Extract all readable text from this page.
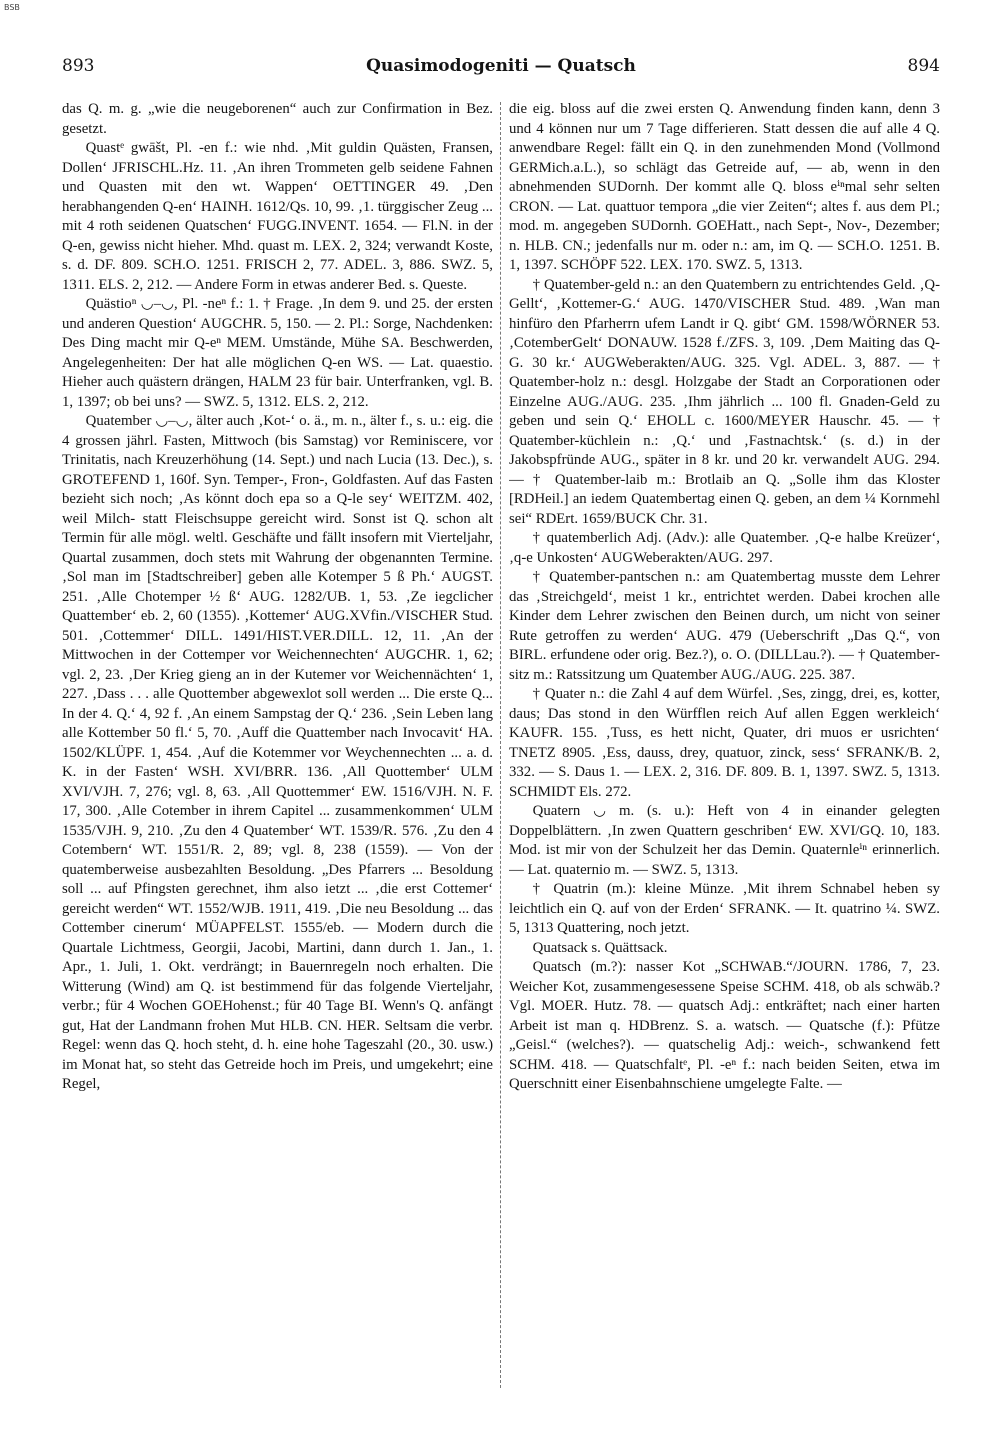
BSB
893	Quasimodogeniti — Quatsch	894

das Q. m. g. „wie die neugeborenen“ auch zur Confirmation in Bez. gesetzt.

Quastᵉ gwāšt, Pl. -en f.: wie nhd. ‚Mit guldin Quästen, Fransen, Dollen‘ JFRISCHL.Hz. 11. ‚An ihren Trommeten gelb seidene Fahnen und Quasten mit den wt. Wappen‘ OETTINGER 49. ‚Den herabhangenden Q-en‘ HAINH. 1612/Qs. 10, 99. ‚1. türggischer Zeug ... mit 4 roth seidenen Quatschen‘ FUGG.INVENT. 1654. — Fl.N. in der Q-en, gewiss nicht hieher. Mhd. quast m. LEX. 2, 324; verwandt Koste, s. d. DF. 809. SCH.O. 1251. FRISCH 2, 77. ADEL. 3, 886. SWZ. 5, 1311. ELS. 2, 212. — Andere Form in etwas anderer Bed. s. Queste.

Quästioⁿ ◡–◡, Pl. -neⁿ f.: 1. † Frage. ‚In dem 9. und 25. der ersten und anderen Question‘ AUGCHR. 5, 150. — 2. Pl.: Sorge, Nachdenken: Des Ding macht mir Q-eⁿ MEM. Umstände, Mühe SA. Beschwerden, Angelegenheiten: Der hat alle möglichen Q-en WS. — Lat. quaestio. Hieher auch quästern drängen, HALM 23 für bair. Unterfranken, vgl. B. 1, 1397; ob bei uns? — SWZ. 5, 1312. ELS. 2, 212.

Quatember ◡–◡, älter auch ‚Kot-‘ o. ä., m. n., älter f., s. u.: eig. die 4 grossen jährl. Fasten, Mittwoch (bis Samstag) vor Reminiscere, vor Trinitatis, nach Kreuzerhöhung (14. Sept.) und nach Lucia (13. Dec.), s. GROTEFEND 1, 160f. Syn. Temper-, Fron-, Goldfasten. Auf das Fasten bezieht sich noch; ‚As könnt doch epa so a Q-le sey‘ WEITZM. 402, weil Milch- statt Fleischsuppe gereicht wird. Sonst ist Q. schon alt Termin für alle mögl. weltl. Geschäfte und fällt insofern mit Vierteljahr, Quartal zusammen, doch stets mit Wahrung der obgenannten Termine. ‚Sol man im [Stadtschreiber] geben alle Kotemper 5 ß Ph.‘ AUGST. 251. ‚Alle Chotemper ½ ß‘ AUG. 1282/UB. 1, 53. ‚Ze iegclicher Quattember‘ eb. 2, 60 (1355). ‚Kottemer‘ AUG.XVfin./VISCHER Stud. 501. ‚Cottemmer‘ DILL. 1491/HIST.VER.DILL. 12, 11. ‚An der Mittwochen in der Cottemper vor Weichennechten‘ AUGCHR. 1, 62; vgl. 2, 23. ‚Der Krieg gieng an in der Kutemer vor Weichennächten‘ 1, 227. ‚Dass . . . alle Quottember abgewexlot soll werden ... Die erste Q... In der 4. Q.‘ 4, 92 f. ‚An einem Sampstag der Q.‘ 236. ‚Sein Leben lang alle Kottember 50 fl.‘ 5, 70. ‚Auff die Quattember nach Invocavit‘ HA. 1502/KLÜPF. 1, 454. ‚Auf die Kotemmer vor Weychennechten ... a. d. K. in der Fasten‘ WSH. XVI/BRR. 136. ‚All Quottember‘ ULM XVI/VJH. 7, 276; vgl. 8, 63. ‚All Quottemmer‘ EW. 1516/VJH. N. F. 17, 300. ‚Alle Cotember in ihrem Capitel ... zusammenkommen‘ ULM 1535/VJH. 9, 210. ‚Zu den 4 Quatember‘ WT. 1539/R. 576. ‚Zu den 4 Cotembern‘ WT. 1551/R. 2, 89; vgl. 8, 238 (1559). — Von der quatemberweise ausbezahlten Besoldung. „Des Pfarrers ... Besoldung soll ... auf Pfingsten gerechnet, ihm also ietzt ... ‚die erst Cottemer‘ gereicht werden“ WT. 1552/WJB. 1911, 419. ‚Die neu Besoldung ... das Cottember cinerum‘ MÜAPFELST. 1555/eb. — Modern durch die Quartale Lichtmess, Georgii, Jacobi, Martini, dann durch 1. Jan., 1. Apr., 1. Juli, 1. Okt. verdrängt; in Bauernregeln noch erhalten. Die Witterung (Wind) am Q. ist bestimmend für das folgende Vierteljahr, verbr.; für 4 Wochen GOEHohenst.; für 40 Tage BI. Wenn's Q. anfängt gut, Hat der Landmann frohen Mut HLB. CN. HER. Seltsam die verbr. Regel: wenn das Q. hoch steht, d. h. eine hohe Tageszahl (20., 30. usw.) im Monat hat, so steht das Getreide hoch im Preis, und umgekehrt; eine Regel,

die eig. bloss auf die zwei ersten Q. Anwendung finden kann, denn 3 und 4 können nur um 7 Tage differieren. Statt dessen die auf alle 4 Q. anwendbare Regel: fällt ein Q. in den zunehmenden Mond (Vollmond GERMich.a.L.), so schlägt das Getreide auf, — ab, wenn in den abnehmenden SUDornh. Der kommt alle Q. bloss eⁱⁿmal sehr selten CRON. — Lat. quattuor tempora „die vier Zeiten“; altes f. aus dem Pl.; mod. m. angegeben SUDornh. GOEHatt., nach Sept-, Nov-, Dezember; n. HLB. CN.; jedenfalls nur m. oder n.: am, im Q. — SCH.O. 1251. B. 1, 1397. SCHÖPF 522. LEX. 170. SWZ. 5, 1313.

† Quatember-geld n.: an den Quatembern zu entrichtendes Geld. ‚Q-Gellt‘, ‚Kottemer-G.‘ AUG. 1470/VISCHER Stud. 489. ‚Wan man hinfüro den Pfarherrn ufem Landt ir Q. gibt‘ GM. 1598/WÖRNER 53. ‚CotemberGelt‘ DONAUW. 1528 f./ZFS. 3, 109. ‚Dem Maiting das Q-G. 30 kr.‘ AUGWeberakten/AUG. 325. Vgl. ADEL. 3, 887. — † Quatember-holz n.: desgl. Holzgabe der Stadt an Corporationen oder Einzelne AUG./AUG. 235. ‚Ihm jährlich ... 100 fl. Gnaden-Geld zu geben und sein Q.‘ EHOLL c. 1600/MEYER Hauschr. 45. — † Quatember-küchlein n.: ‚Q.‘ und ‚Fastnachtsk.‘ (s. d.) in der Jakobspfründe AUG., später in 8 kr. und 20 kr. verwandelt AUG. 294. — † Quatember-laib m.: Brotlaib an Q. „Solle ihm das Kloster [RDHeil.] an iedem Quatembertag einen Q. geben, an dem ¼ Kornmehl sei“ RDErt. 1659/BUCK Chr. 31.

† quatemberlich Adj. (Adv.): alle Quatember. ‚Q-e halbe Kreüzer‘, ‚q-e Unkosten‘ AUGWeberakten/AUG. 297.

† Quatember-pantschen n.: am Quatembertag musste dem Lehrer das ‚Streichgeld‘, meist 1 kr., entrichtet werden. Dabei krochen alle Kinder dem Lehrer zwischen den Beinen durch, um nicht von seiner Rute getroffen zu werden‘ AUG. 479 (Ueberschrift „Das Q.“, von BIRL. erfundene oder orig. Bez.?), o. O. (DILLLau.?). — † Quatember-sitz m.: Ratssitzung um Quatember AUG./AUG. 225. 387.

† Quater n.: die Zahl 4 auf dem Würfel. ‚Ses, zingg, drei, es, kotter, daus; Das stond in den Würfflen reich Auf allen Eggen werkleich‘ KAUFR. 155. ‚Tuss, es hett nicht, Quater, dri muos er usrichten‘ TNETZ 8905. ‚Ess, dauss, drey, quatuor, zinck, sess‘ SFRANK/B. 2, 332. — S. Daus 1. — LEX. 2, 316. DF. 809. B. 1, 1397. SWZ. 5, 1313. SCHMIDT Els. 272.

Quatern ◡ m. (s. u.): Heft von 4 in einander gelegten Doppelblättern. ‚In zwen Quattern geschriben‘ EW. XVI/GQ. 10, 183. Mod. ist mir von der Schulzeit her das Demin. Quaternleⁱⁿ erinnerlich. — Lat. quaternio m. — SWZ. 5, 1313.

† Quatrin (m.): kleine Münze. ‚Mit ihrem Schnabel heben sy leichtlich ein Q. auf von der Erden‘ SFRANK. — It. quatrino ¼. SWZ. 5, 1313 Quattering, noch jetzt.

Quatsack s. Quättsack.

Quatsch (m.?): nasser Kot „SCHWAB.“/JOURN. 1786, 7, 23. Weicher Kot, zusammengesessene Speise SCHM. 418, ob als schwäb.? Vgl. MOER. Hutz. 78. — quatsch Adj.: entkräftet; nach einer harten Arbeit ist man q. HDBrenz. S. a. watsch. — Quatsche (f.): Pfütze „Geisl.“ (welches?). — quatschelig Adj.: weich-, schwankend fett SCHM. 418. — Quatschfaltᵉ, Pl. -eⁿ f.: nach beiden Seiten, etwa im Querschnitt einer Eisenbahnschiene umgelegte Falte. —
